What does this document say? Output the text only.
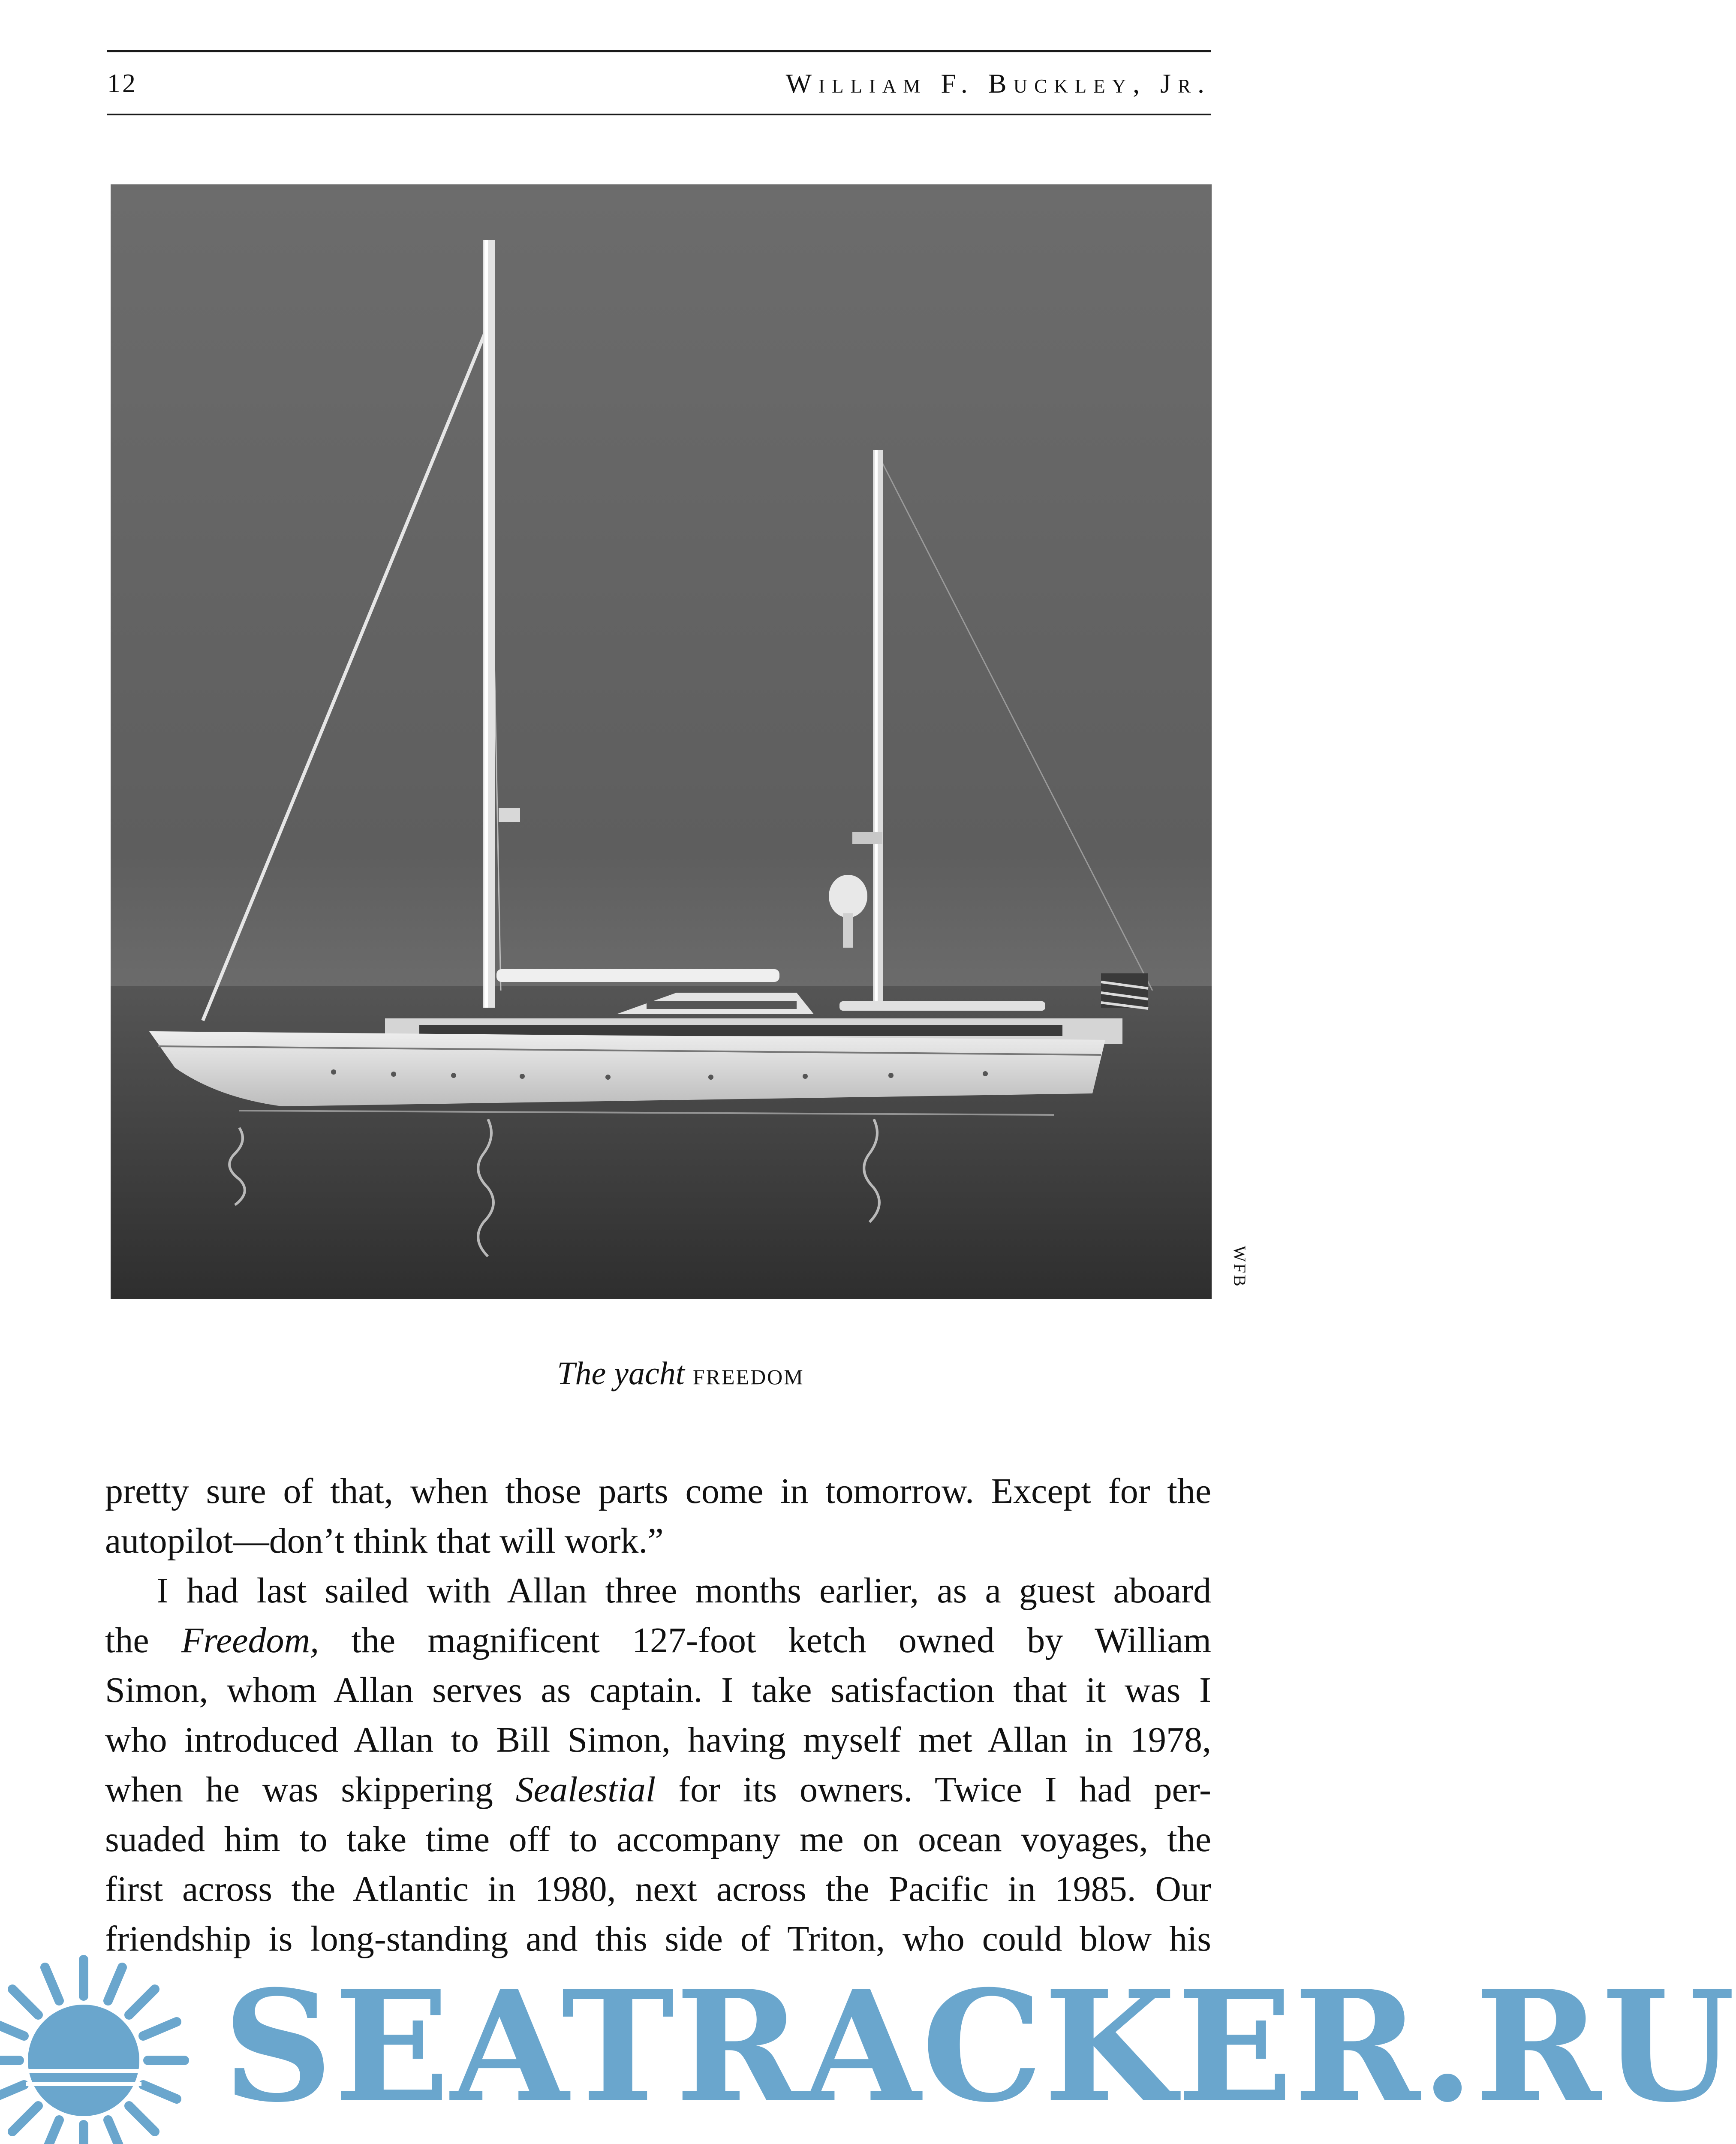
12	William F. Buckley, Jr.
WFB
The yacht freedom
pretty sure of that, when those parts come in tomorrow. Except for the
autopilot—don’t think that will work.”
I had last sailed with Allan three months earlier, as a guest aboard
the Freedom, the magnificent 127-foot ketch owned by William
Simon, whom Allan serves as captain. I take satisfaction that it was I
who introduced Allan to Bill Simon, having myself met Allan in 1978,
when he was skippering Sealestial for its owners. Twice I had per-
suaded him to take time off to accompany me on ocean voyages, the
first across the Atlantic in 1980, next across the Pacific in 1985. Our
friendship is long-standing and this side of Triton, who could blow his
SEATRACKER.RU
